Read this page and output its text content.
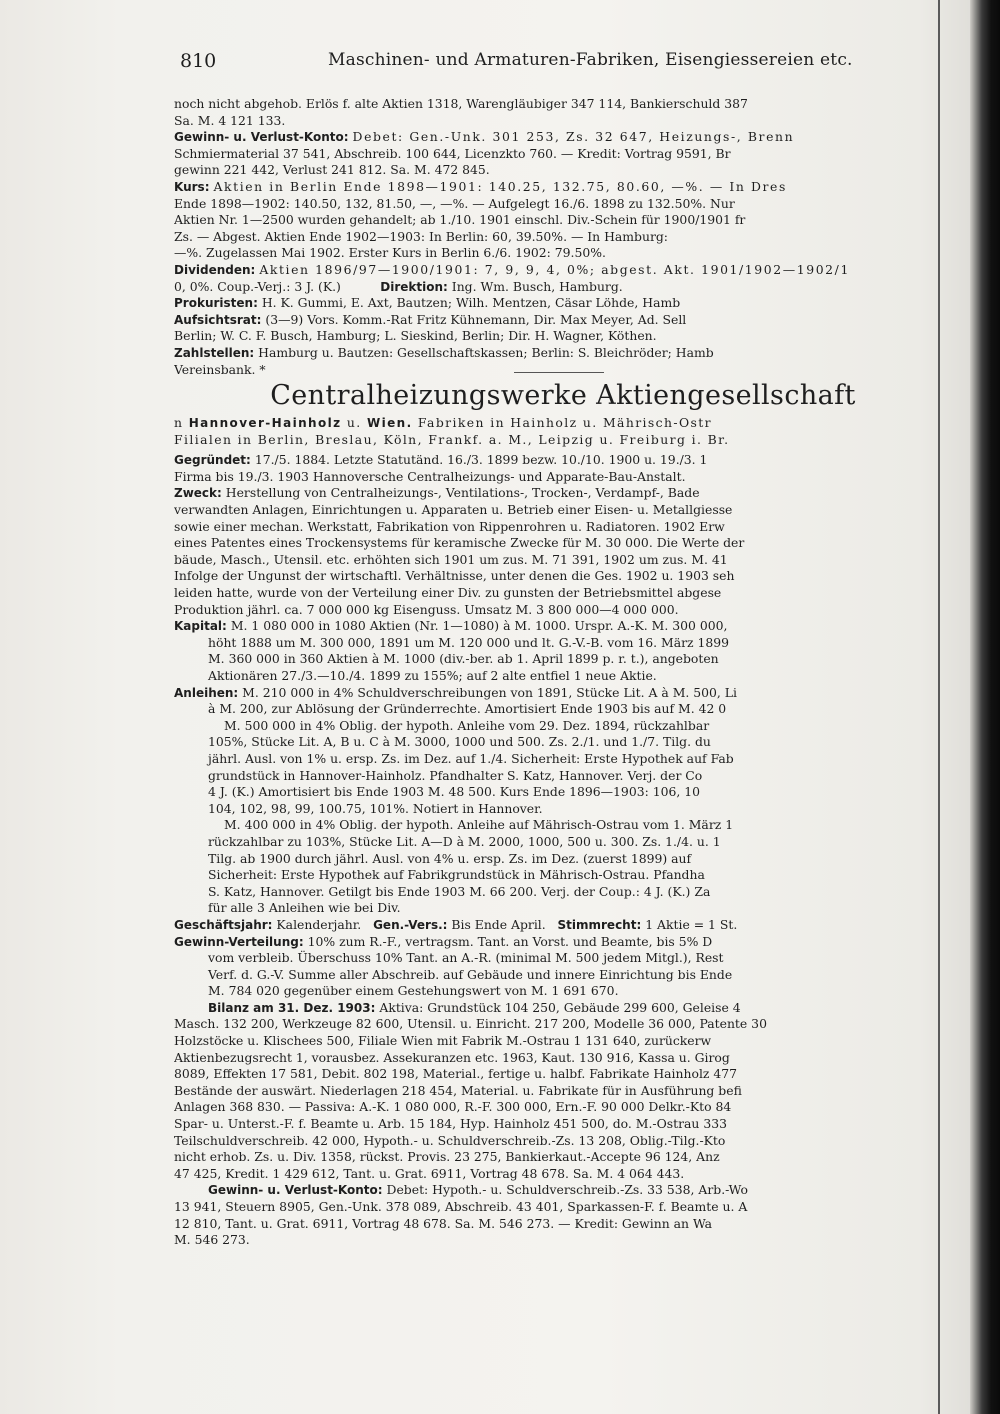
810	Maschinen- und Armaturen-Fabriken, Eisengiessereien etc.

noch nicht abgehob. Erlös f. alte Aktien 1318, Warengläubiger 347 114, Bankierschuld 387

Sa. M. 4 121 133.

Gewinn- u. Verlust-Konto: Debet: Gen.-Unk. 301 253, Zs. 32 647, Heizungs-, Brenn

Schmiermaterial 37 541, Abschreib. 100 644, Licenzkto 760. — Kredit: Vortrag 9591, Br

gewinn 221 442, Verlust 241 812. Sa. M. 472 845.

Kurs: Aktien in Berlin Ende 1898—1901: 140.25, 132.75, 80.60, —%. — In Dres

Ende 1898—1902: 140.50, 132, 81.50, —, —%. — Aufgelegt 16./6. 1898 zu 132.50%. Nur

Aktien Nr. 1—2500 wurden gehandelt; ab 1./10. 1901 einschl. Div.-Schein für 1900/1901 fr

Zs. — Abgest. Aktien Ende 1902—1903: In Berlin: 60, 39.50%. — In Hamburg:

—%. Zugelassen Mai 1902. Erster Kurs in Berlin 6./6. 1902: 79.50%.

Dividenden: Aktien 1896/97—1900/1901: 7, 9, 9, 4, 0%; abgest. Akt. 1901/1902—1902/1

0, 0%. Coup.-Verj.: 3 J. (K.)	Direktion: Ing. Wm. Busch, Hamburg.

Prokuristen: H. K. Gummi, E. Axt, Bautzen; Wilh. Mentzen, Cäsar Löhde, Hamb

Aufsichtsrat: (3—9) Vors. Komm.-Rat Fritz Kühnemann, Dir. Max Meyer, Ad. Sell

Berlin; W. C. F. Busch, Hamburg; L. Sieskind, Berlin; Dir. H. Wagner, Köthen.

Zahlstellen: Hamburg u. Bautzen: Gesellschaftskassen; Berlin: S. Bleichröder; Hamb

Vereinsbank. *

Centralheizungswerke Aktiengesellschaft

n Hannover-Hainholz u. Wien. Fabriken in Hainholz u. Mährisch-Ostr

Filialen in Berlin, Breslau, Köln, Frankf. a. M., Leipzig u. Freiburg i. Br.

Gegründet: 17./5. 1884. Letzte Statutänd. 16./3. 1899 bezw. 10./10. 1900 u. 19./3. 1

Firma bis 19./3. 1903 Hannoversche Centralheizungs- und Apparate-Bau-Anstalt.

Zweck: Herstellung von Centralheizungs-, Ventilations-, Trocken-, Verdampf-, Bade

verwandten Anlagen, Einrichtungen u. Apparaten u. Betrieb einer Eisen- u. Metallgiesse

sowie einer mechan. Werkstatt, Fabrikation von Rippenrohren u. Radiatoren. 1902 Erw

eines Patentes eines Trockensystems für keramische Zwecke für M. 30 000. Die Werte der

bäude, Masch., Utensil. etc. erhöhten sich 1901 um zus. M. 71 391, 1902 um zus. M. 41

Infolge der Ungunst der wirtschaftl. Verhältnisse, unter denen die Ges. 1902 u. 1903 seh

leiden hatte, wurde von der Verteilung einer Div. zu gunsten der Betriebsmittel abgese

Produktion jährl. ca. 7 000 000 kg Eisenguss. Umsatz M. 3 800 000—4 000 000.

Kapital: M. 1 080 000 in 1080 Aktien (Nr. 1—1080) à M. 1000. Urspr. A.-K. M. 300 000,

höht 1888 um M. 300 000, 1891 um M. 120 000 und lt. G.-V.-B. vom 16. März 1899

M. 360 000 in 360 Aktien à M. 1000 (div.-ber. ab 1. April 1899 p. r. t.), angeboten

Aktionären 27./3.—10./4. 1899 zu 155%; auf 2 alte entfiel 1 neue Aktie.

Anleihen: M. 210 000 in 4% Schuldverschreibungen von 1891, Stücke Lit. A à M. 500, Li

à M. 200, zur Ablösung der Gründerrechte. Amortisiert Ende 1903 bis auf M. 42 0

M. 500 000 in 4% Oblig. der hypoth. Anleihe vom 29. Dez. 1894, rückzahlbar

105%, Stücke Lit. A, B u. C à M. 3000, 1000 und 500. Zs. 2./1. und 1./7. Tilg. du

jährl. Ausl. von 1% u. ersp. Zs. im Dez. auf 1./4. Sicherheit: Erste Hypothek auf Fab

grundstück in Hannover-Hainholz. Pfandhalter S. Katz, Hannover. Verj. der Co

4 J. (K.) Amortisiert bis Ende 1903 M. 48 500. Kurs Ende 1896—1903: 106, 10

104, 102, 98, 99, 100.75, 101%. Notiert in Hannover.

M. 400 000 in 4% Oblig. der hypoth. Anleihe auf Mährisch-Ostrau vom 1. März 1

rückzahlbar zu 103%, Stücke Lit. A—D à M. 2000, 1000, 500 u. 300. Zs. 1./4. u. 1

Tilg. ab 1900 durch jährl. Ausl. von 4% u. ersp. Zs. im Dez. (zuerst 1899) auf

Sicherheit: Erste Hypothek auf Fabrikgrundstück in Mährisch-Ostrau. Pfandha

S. Katz, Hannover. Getilgt bis Ende 1903 M. 66 200. Verj. der Coup.: 4 J. (K.) Za

für alle 3 Anleihen wie bei Div.

Geschäftsjahr: Kalenderjahr. Gen.-Vers.: Bis Ende April. Stimmrecht: 1 Aktie = 1 St.

Gewinn-Verteilung: 10% zum R.-F., vertragsm. Tant. an Vorst. und Beamte, bis 5% D

vom verbleib. Überschuss 10% Tant. an A.-R. (minimal M. 500 jedem Mitgl.), Rest

Verf. d. G.-V. Summe aller Abschreib. auf Gebäude und innere Einrichtung bis Ende

M. 784 020 gegenüber einem Gestehungswert von M. 1 691 670.

Bilanz am 31. Dez. 1903: Aktiva: Grundstück 104 250, Gebäude 299 600, Geleise 4

Masch. 132 200, Werkzeuge 82 600, Utensil. u. Einricht. 217 200, Modelle 36 000, Patente 30

Holzstöcke u. Klischees 500, Filiale Wien mit Fabrik M.-Ostrau 1 131 640, zurückerw

Aktienbezugsrecht 1, vorausbez. Assekuranzen etc. 1963, Kaut. 130 916, Kassa u. Girog

8089, Effekten 17 581, Debit. 802 198, Material., fertige u. halbf. Fabrikate Hainholz 477

Bestände der auswärt. Niederlagen 218 454, Material. u. Fabrikate für in Ausführung befi

Anlagen 368 830. — Passiva: A.-K. 1 080 000, R.-F. 300 000, Ern.-F. 90 000 Delkr.-Kto 84

Spar- u. Unterst.-F. f. Beamte u. Arb. 15 184, Hyp. Hainholz 451 500, do. M.-Ostrau 333

Teilschuldverschreib. 42 000, Hypoth.- u. Schuldverschreib.-Zs. 13 208, Oblig.-Tilg.-Kto

nicht erhob. Zs. u. Div. 1358, rückst. Provis. 23 275, Bankierkaut.-Accepte 96 124, Anz

47 425, Kredit. 1 429 612, Tant. u. Grat. 6911, Vortrag 48 678. Sa. M. 4 064 443.

Gewinn- u. Verlust-Konto: Debet: Hypoth.- u. Schuldverschreib.-Zs. 33 538, Arb.-Wo

13 941, Steuern 8905, Gen.-Unk. 378 089, Abschreib. 43 401, Sparkassen-F. f. Beamte u. A

12 810, Tant. u. Grat. 6911, Vortrag 48 678. Sa. M. 546 273. — Kredit: Gewinn an Wa

M. 546 273.
